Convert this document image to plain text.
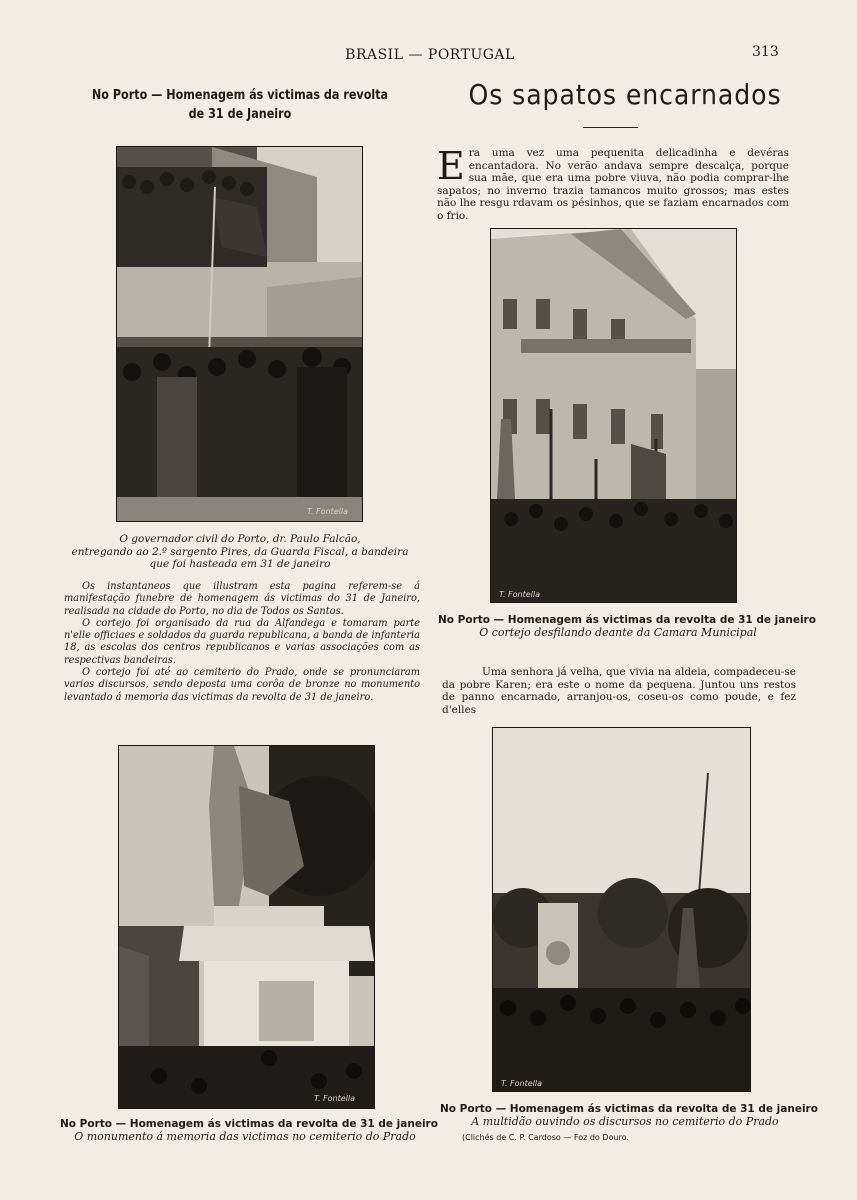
BRASIL — PORTUGAL	313
No Porto — Homenagem ás victimas da revolta
de 31 de Janeiro
Os sapatos encarnados
E ra uma vez uma pequenita delicadinha e devéras encantadora. No verão andava sempre descalça, porque sua mãe, que era uma pobre viuva, não podia comprar-lhe sapatos; no inverno trazia tamancos muito grossos; mas estes não lhe resgu rdavam os pésinhos, que se faziam encarnados com o frio.
T. Fontella
O governador civil do Porto, dr. Paulo Falcão,
entregando ao 2.º sargento Pires, da Guarda Fiscal, a bandeira
que foi hasteada em 31 de janeiro

Os instantaneos que illustram esta pagina referem-se á manifestação funebre de homenagem ás victimas do 31 de Janeiro, realisada na cidade do Porto, no dia de Todos os Santos.

O cortejo foi organisado da rua da Alfandega e tomaram parte n'elle officiaes e soldados da guarda republicana, a banda de infanteria 18, as escolas dos centros republicanos e varias associações com as respectivas bandeiras.

O cortejo foi até ao cemiterio do Prado, onde se pronunciaram varios discursos, sendo deposta uma corôa de bronze no monumento levantado á memoria das victimas da revolta de 31 de janeiro.

T. Fontella
No Porto — Homenagem ás victimas da revolta de 31 de janeiro
O cortejo desfilando deante da Camara Municipal

Uma senhora já velha, que vivia na aldeia, compadeceu-se da pobre Karen; era este o nome da pequena. Juntou uns restos de panno encarnado, arranjou-os, coseu-os como poude, e fez d'elles

T. Fontella
No Porto — Homenagem ás victimas da revolta de 31 de janeiro
O monumento á memoria das victimas no cemiterio do Prado
T. Fontella
No Porto — Homenagem ás victimas da revolta de 31 de janeiro
A multidão ouvindo os discursos no cemiterio do Prado
(Clichés de C. P. Cardoso — Foz do Douro.
